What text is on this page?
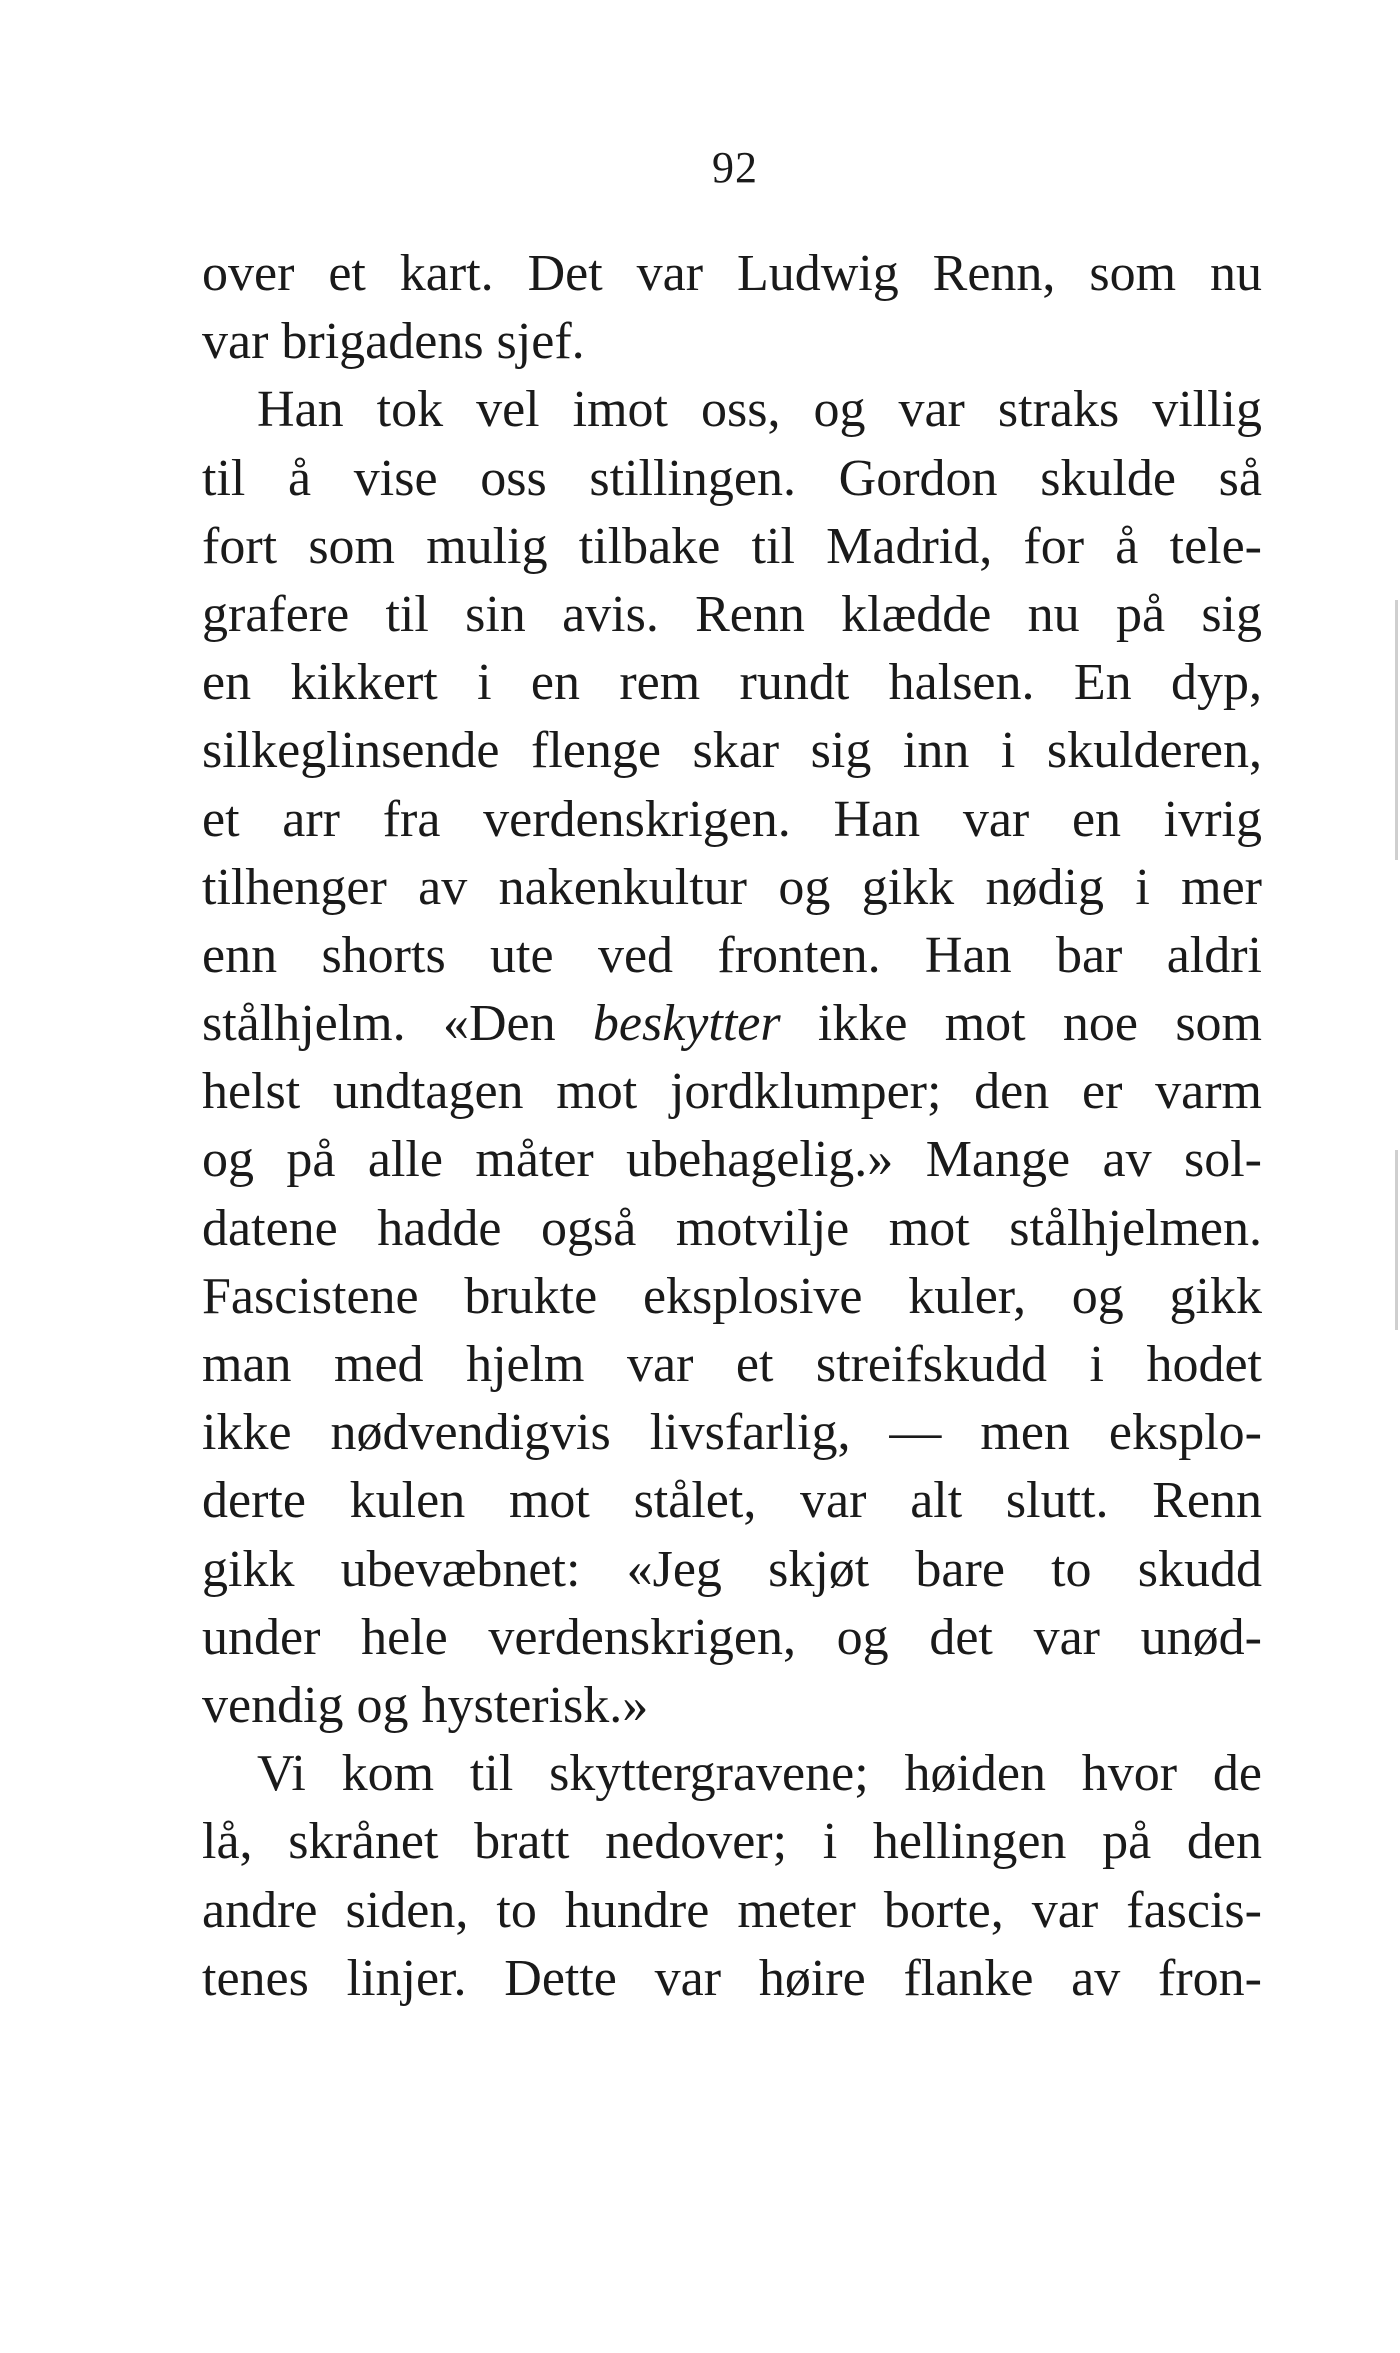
92
over et kart. Det var Ludwig Renn, som nu
var brigadens sjef.
Han tok vel imot oss, og var straks villig
til å vise oss stillingen. Gordon skulde så
fort som mulig tilbake til Madrid, for å tele-
grafere til sin avis. Renn klædde nu på sig
en kikkert i en rem rundt halsen. En dyp,
silkeglinsende flenge skar sig inn i skulderen,
et arr fra verdenskrigen. Han var en ivrig
tilhenger av nakenkultur og gikk nødig i mer
enn shorts ute ved fronten. Han bar aldri
stålhjelm. «Den beskytter ikke mot noe som
helst undtagen mot jordklumper; den er varm
og på alle måter ubehagelig.» Mange av sol-
datene hadde også motvilje mot stålhjelmen.
Fascistene brukte eksplosive kuler, og gikk
man med hjelm var et streifskudd i hodet
ikke nødvendigvis livsfarlig, — men eksplo-
derte kulen mot stålet, var alt slutt. Renn
gikk ubevæbnet: «Jeg skjøt bare to skudd
under hele verdenskrigen, og det var unød-
vendig og hysterisk.»
Vi kom til skyttergravene; høiden hvor de
lå, skrånet bratt nedover; i hellingen på den
andre siden, to hundre meter borte, var fascis-
tenes linjer. Dette var høire flanke av fron-
